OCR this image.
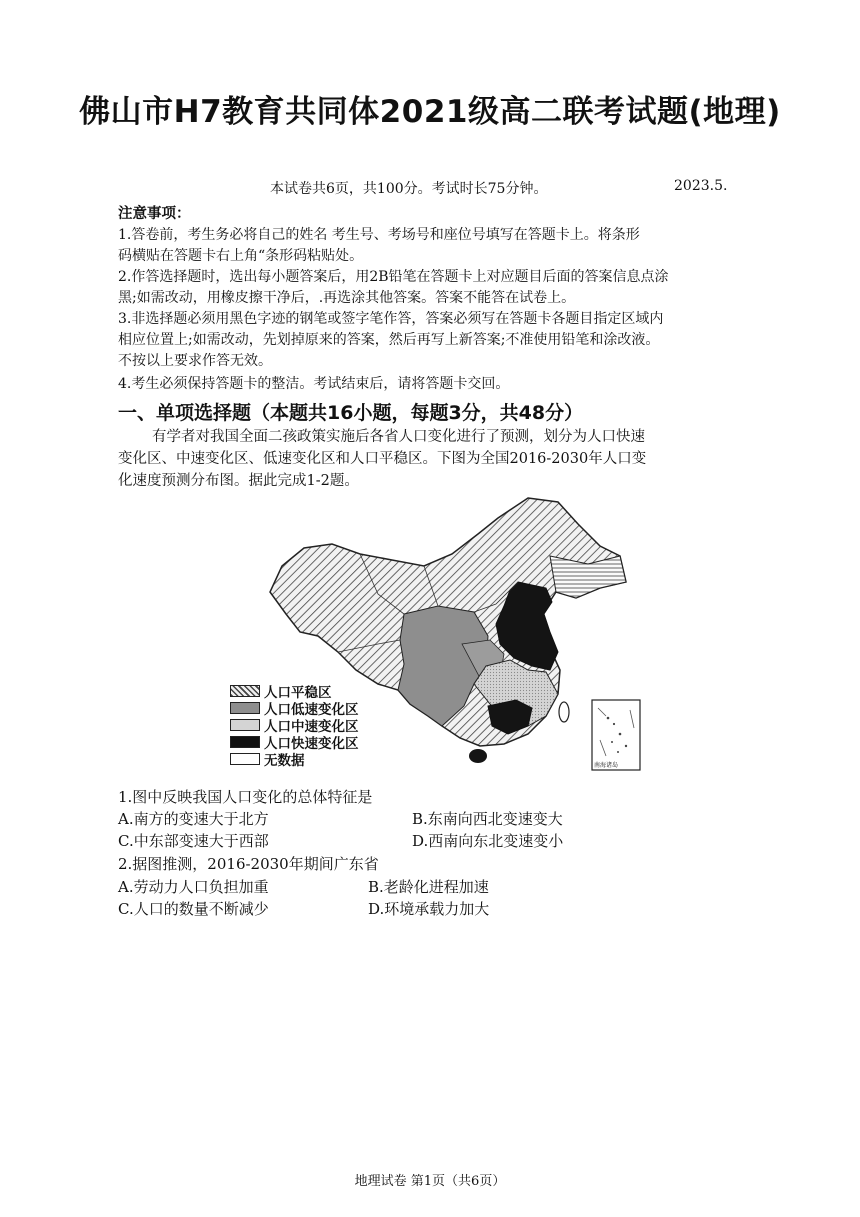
佛山市H7教育共同体2021级高二联考试题(地理)
本试卷共6页，共100分。考试时长75分钟。	2023.5.
注意事项：
1.答卷前，考生务必将自己的姓名 考生号、考场号和座位号填写在答题卡上。将条形
码横贴在答题卡右上角“条形码粘贴处。
2.作答选择题时，选出每小题答案后，用2B铅笔在答题卡上对应题目后面的答案信息点涂
黑;如需改动，用橡皮擦干净后，.再选涂其他答案。答案不能答在试卷上。
3.非选择题必须用黑色字迹的钢笔或签字笔作答，答案必须写在答题卡各题目指定区域内
相应位置上;如需改动，先划掉原来的答案，然后再写上新答案;不准使用铅笔和涂改液。
不按以上要求作答无效。
4.考生必须保持答题卡的整洁。考试结束后，请将答题卡交回。
一、单项选择题（本题共16小题，每题3分，共48分）
有学者对我国全面二孩政策实施后各省人口变化进行了预测，划分为人口快速
变化区、中速变化区、低速变化区和人口平稳区。下图为全国2016-2030年人口变
化速度预测分布图。据此完成1-2题。
人口平稳区
人口低速变化区
人口中速变化区
人口快速变化区
无数据	南海诸岛
1.图中反映我国人口变化的总体特征是
A.南方的变速大于北方	B.东南向西北变速变大
C.中东部变速大于西部	D.西南向东北变速变小
2.据图推测，2016-2030年期间广东省
A.劳动力人口负担加重	B.老龄化进程加速
C.人口的数量不断减少	D.环境承载力加大
地理试卷 第1页（共6页）
